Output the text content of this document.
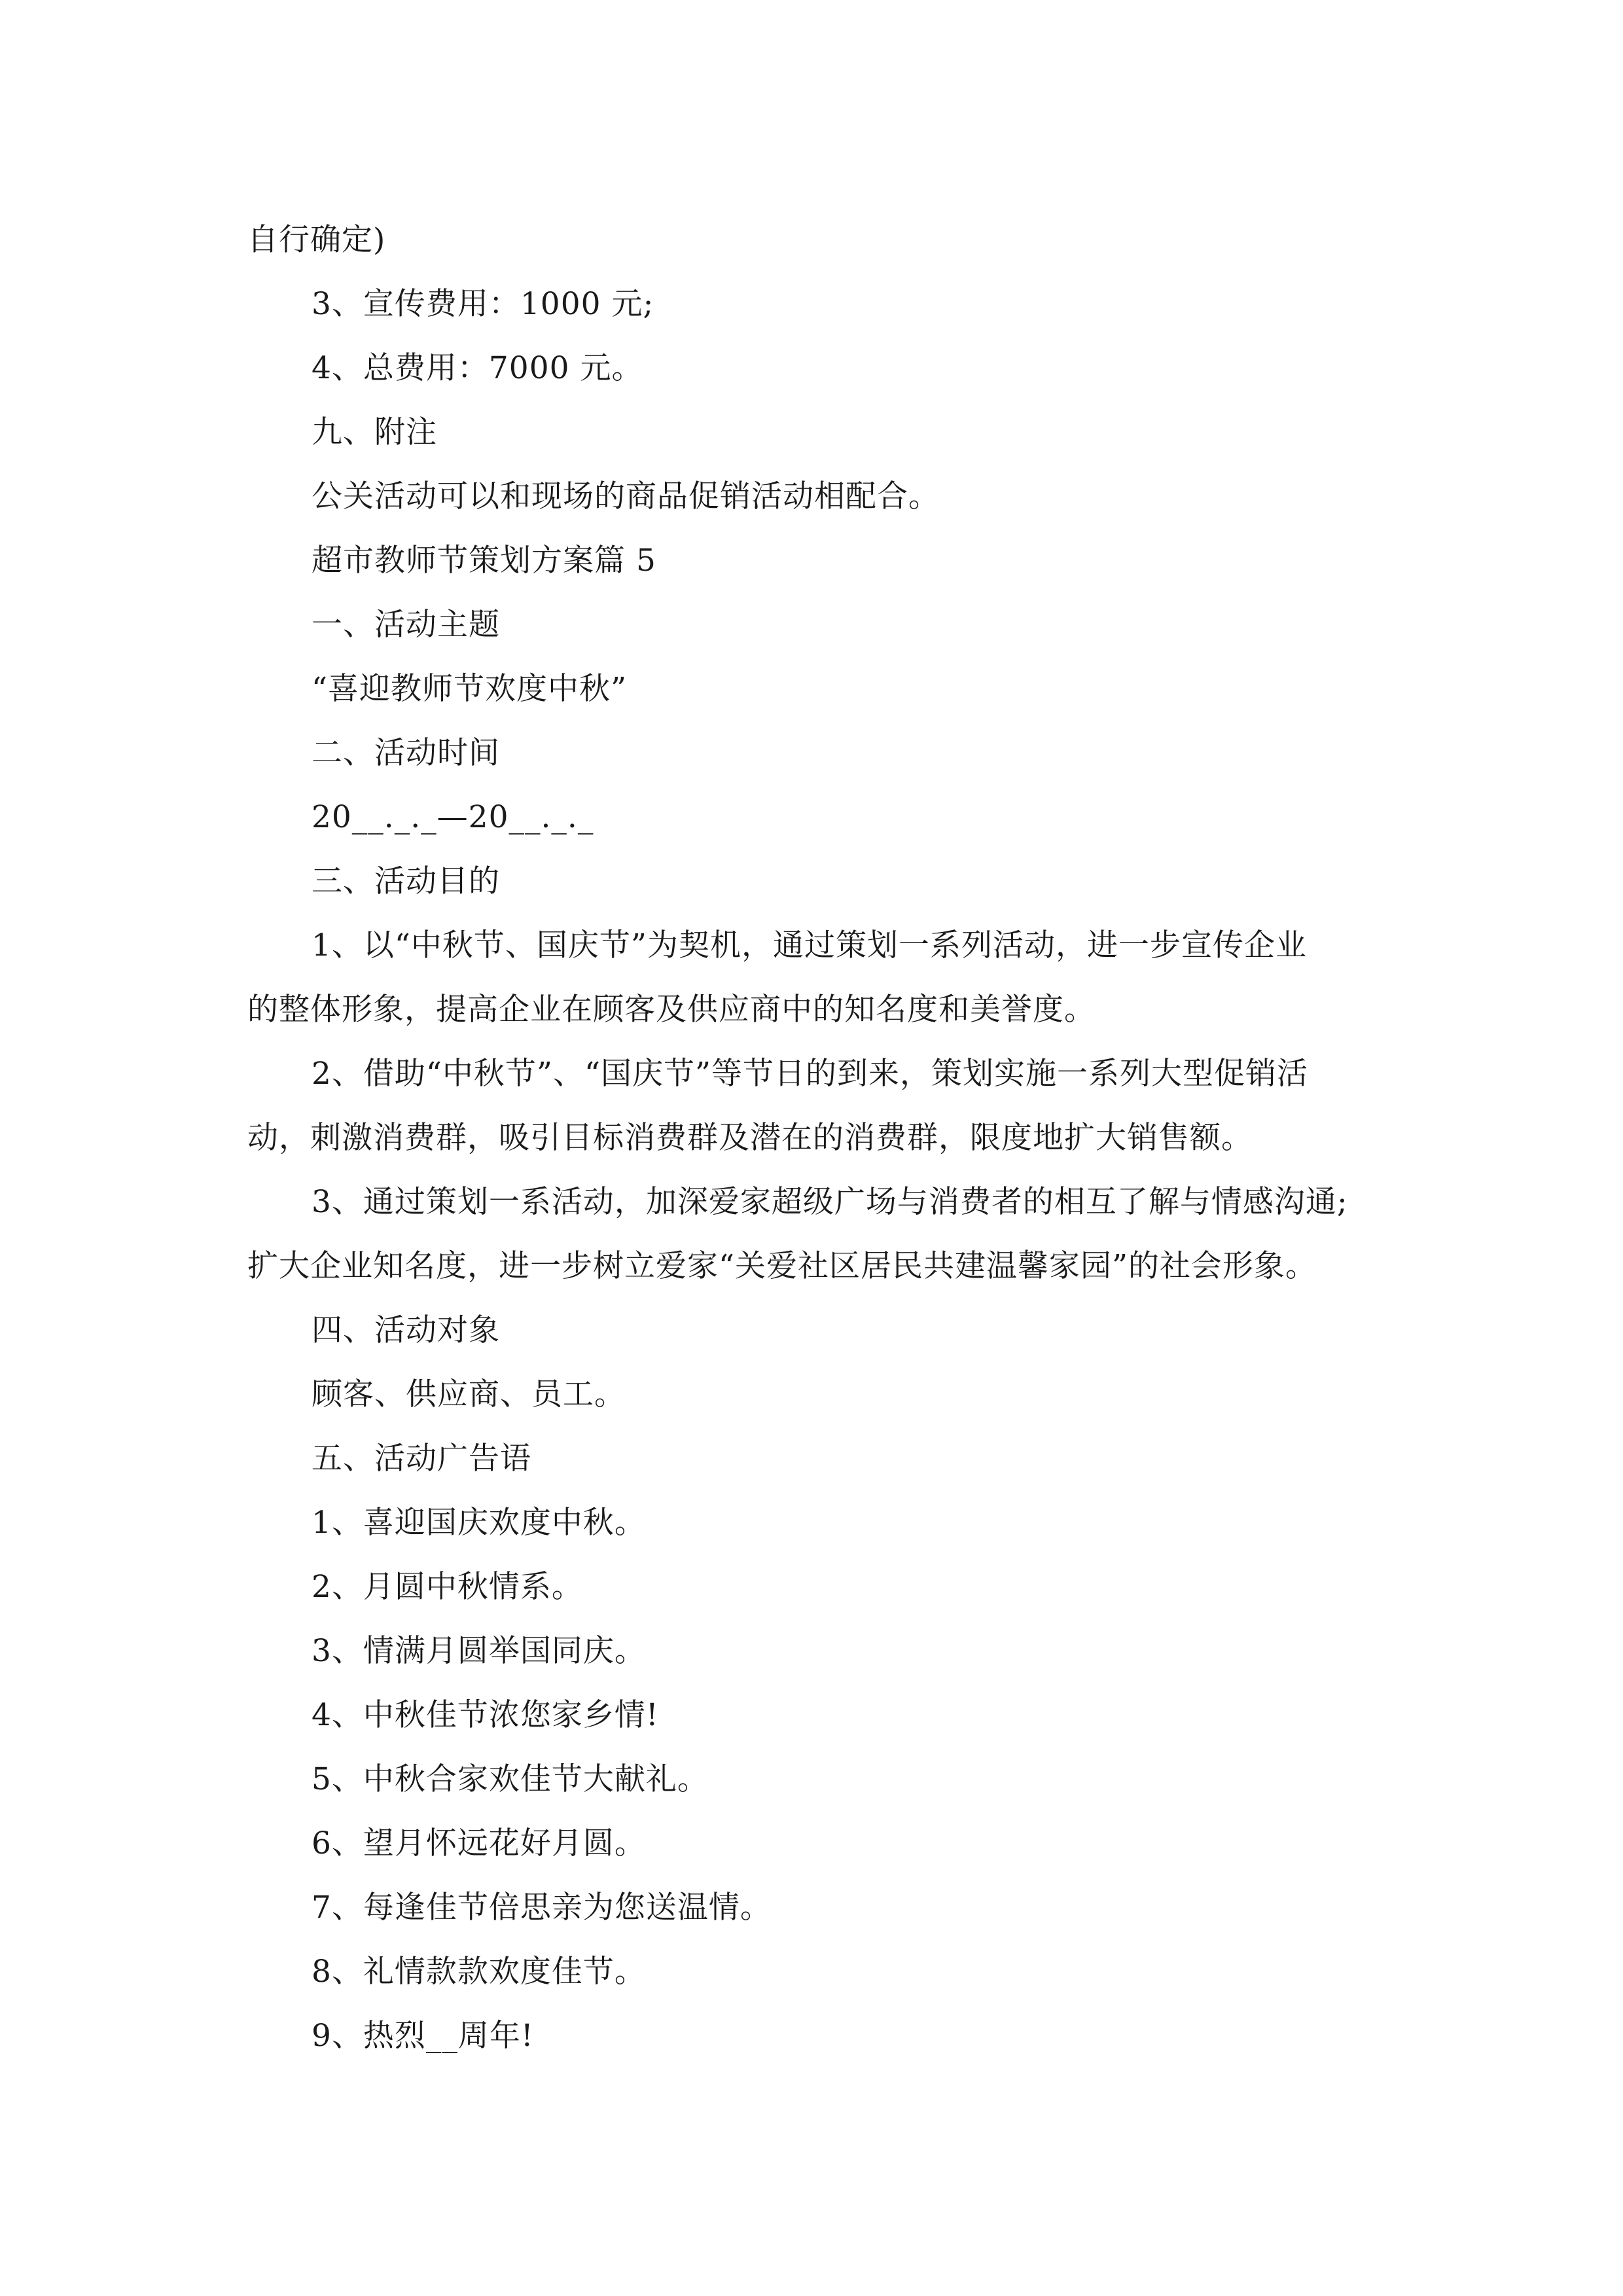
自行确定)
3、宣传费用：1000 元;
4、总费用：7000 元。
九、附注
公关活动可以和现场的商品促销活动相配合。
超市教师节策划方案篇 5
一、活动主题
“喜迎教师节欢度中秋”
二、活动时间
20__._._—20__._._
三、活动目的
1、以“中秋节、国庆节”为契机，通过策划一系列活动，进一步宣传企业
的整体形象，提高企业在顾客及供应商中的知名度和美誉度。
2、借助“中秋节”、“国庆节”等节日的到来，策划实施一系列大型促销活
动，刺激消费群，吸引目标消费群及潜在的消费群，限度地扩大销售额。
3、通过策划一系活动，加深爱家超级广场与消费者的相互了解与情感沟通;
扩大企业知名度，进一步树立爱家“关爱社区居民共建温馨家园”的社会形象。
四、活动对象
顾客、供应商、员工。
五、活动广告语
1、喜迎国庆欢度中秋。
2、月圆中秋情系。
3、情满月圆举国同庆。
4、中秋佳节浓您家乡情!
5、中秋合家欢佳节大献礼。
6、望月怀远花好月圆。
7、每逢佳节倍思亲为您送温情。
8、礼情款款欢度佳节。
9、热烈__周年!
